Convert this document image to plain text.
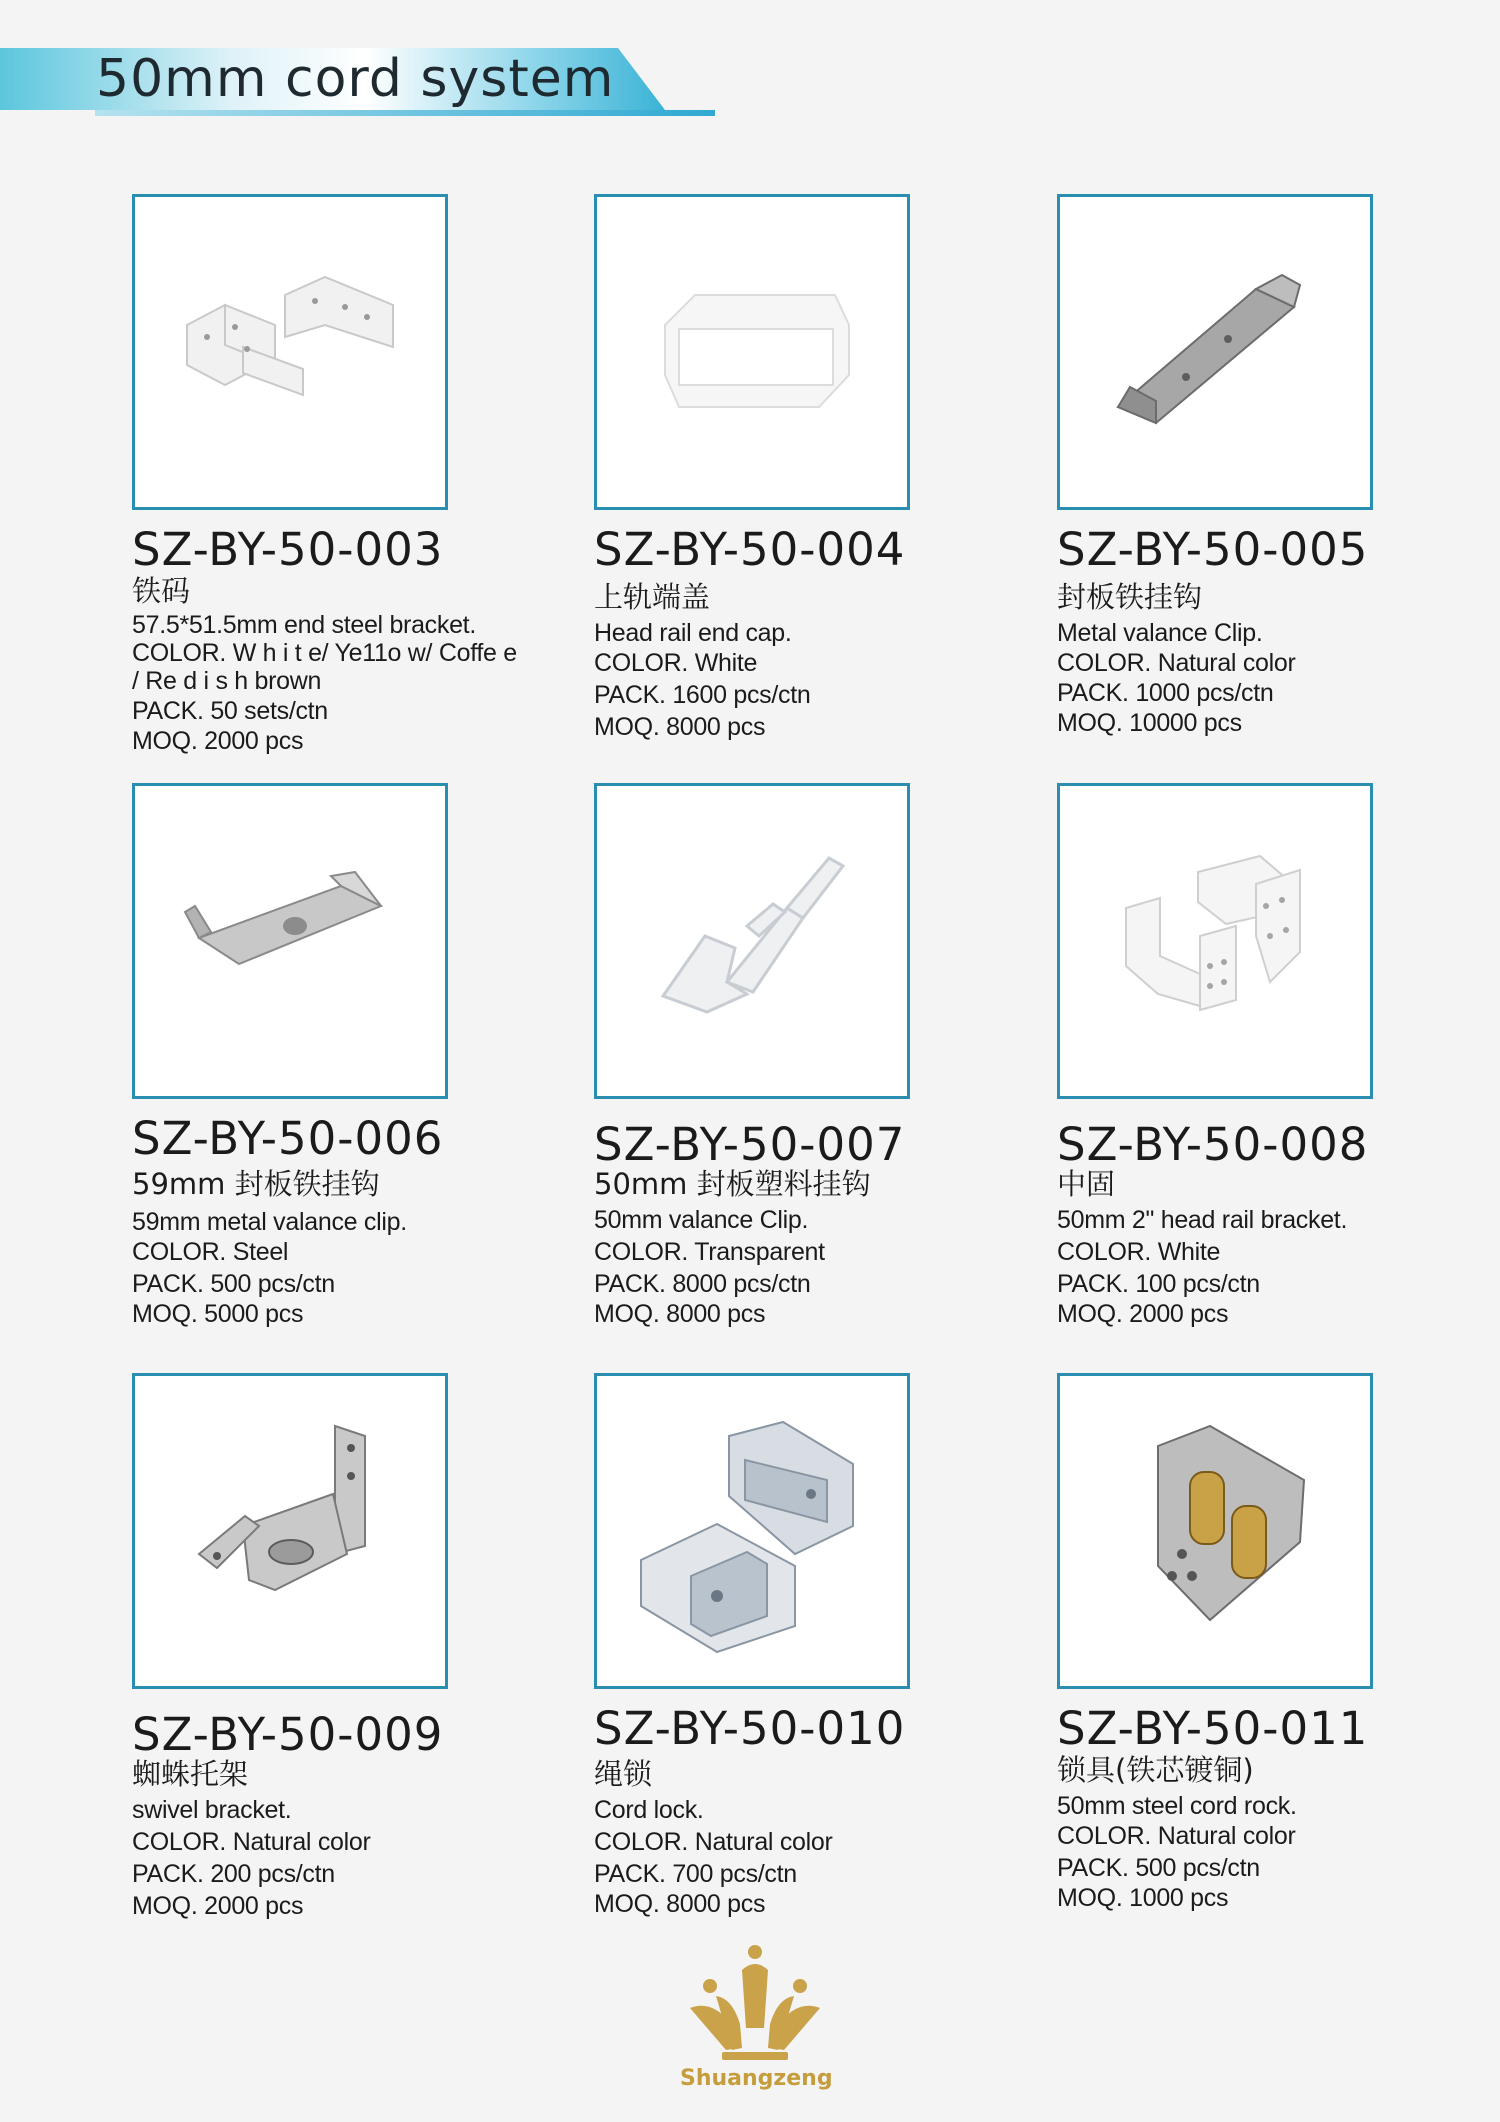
50mm cord system
SZ-BY-50-003
铁码
57.5*51.5mm end steel bracket.
COLOR. W h i t e/ Ye11o w/ Coffe e
/ Re d i s h brown
PACK. 50 sets/ctn
MOQ. 2000 pcs
SZ-BY-50-004
上轨端盖
Head rail end cap.
COLOR. White
PACK. 1600 pcs/ctn
MOQ. 8000 pcs
SZ-BY-50-005
封板铁挂钩
Metal valance Clip.
COLOR. Natural color
PACK. 1000 pcs/ctn
MOQ. 10000 pcs
SZ-BY-50-006
59mm 封板铁挂钩
59mm metal valance clip.
COLOR. Steel
PACK. 500 pcs/ctn
MOQ. 5000 pcs
SZ-BY-50-007
50mm 封板塑料挂钩
50mm valance Clip.
COLOR. Transparent
PACK. 8000 pcs/ctn
MOQ. 8000 pcs
SZ-BY-50-008
中固
50mm 2" head rail bracket.
COLOR. White
PACK. 100 pcs/ctn
MOQ. 2000 pcs
SZ-BY-50-009
蜘蛛托架
swivel bracket.
COLOR. Natural color
PACK. 200 pcs/ctn
MOQ. 2000 pcs
SZ-BY-50-010
绳锁
Cord lock.
COLOR. Natural color
PACK. 700 pcs/ctn
MOQ. 8000 pcs
SZ-BY-50-011
锁具(铁芯镀铜)
50mm steel cord rock.
COLOR. Natural color
PACK. 500 pcs/ctn
MOQ. 1000 pcs
Shuangzeng
